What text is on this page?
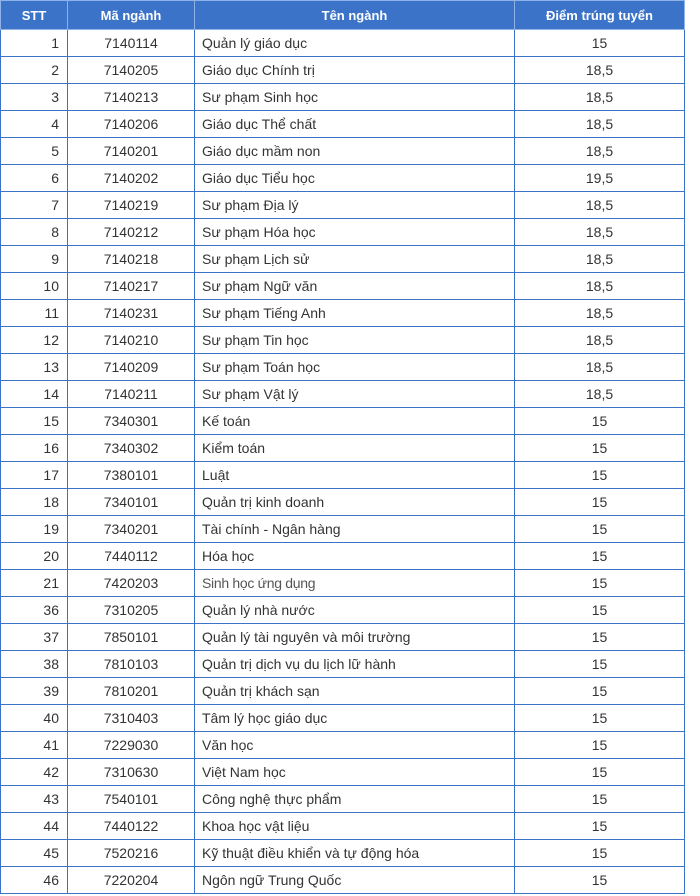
STT	Mã ngành	Tên ngành	Điểm trúng tuyển
1	7140114	Quản lý giáo dục	15
2	7140205	Giáo dục Chính trị	18,5
3	7140213	Sư phạm Sinh học	18,5
4	7140206	Giáo dục Thể chất	18,5
5	7140201	Giáo dục mầm non	18,5
6	7140202	Giáo dục Tiểu học	19,5
7	7140219	Sư phạm Địa lý	18,5
8	7140212	Sư phạm Hóa học	18,5
9	7140218	Sư phạm Lịch sử	18,5
10	7140217	Sư phạm Ngữ văn	18,5
11	7140231	Sư phạm Tiếng Anh	18,5
12	7140210	Sư phạm Tin học	18,5
13	7140209	Sư phạm Toán học	18,5
14	7140211	Sư phạm Vật lý	18,5
15	7340301	Kế toán	15
16	7340302	Kiểm toán	15
17	7380101	Luật	15
18	7340101	Quản trị kinh doanh	15
19	7340201	Tài chính - Ngân hàng	15
20	7440112	Hóa học	15
21	7420203	Sinh học ứng dụng	15
36	7310205	Quản lý nhà nước	15
37	7850101	Quản lý tài nguyên và môi trường	15
38	7810103	Quản trị dịch vụ du lịch lữ hành	15
39	7810201	Quản trị khách sạn	15
40	7310403	Tâm lý học giáo dục	15
41	7229030	Văn học	15
42	7310630	Việt Nam học	15
43	7540101	Công nghệ thực phẩm	15
44	7440122	Khoa học vật liệu	15
45	7520216	Kỹ thuật điều khiển và tự động hóa	15
46	7220204	Ngôn ngữ Trung Quốc	15
